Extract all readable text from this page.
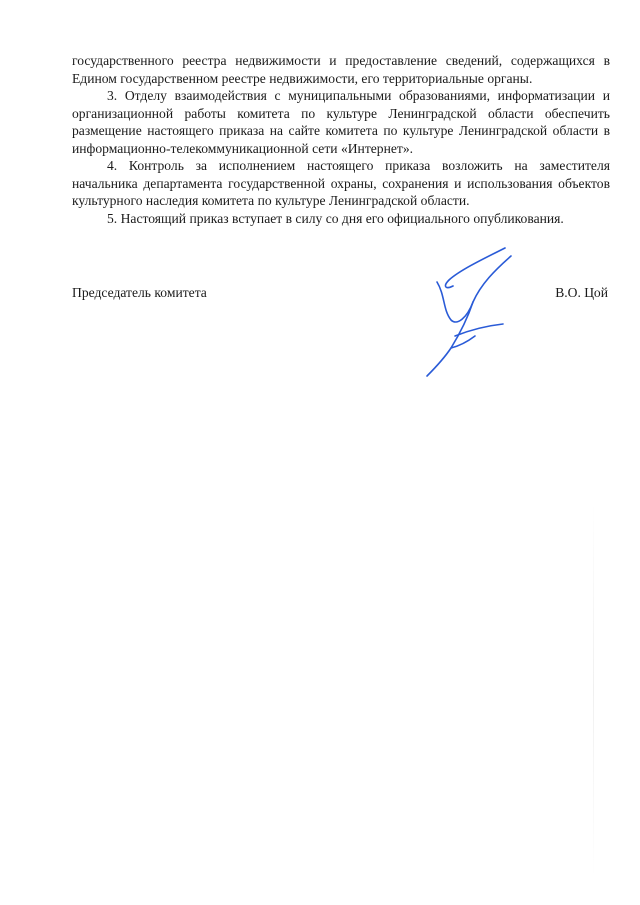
государственного реестра недвижимости и предоставление сведений, содержащихся в Едином государственном реестре недвижимости, его территориальные органы.

3. Отделу взаимодействия с муниципальными образованиями, информатизации и организационной работы комитета по культуре Ленинградской области обеспечить размещение настоящего приказа на сайте комитета по культуре Ленинградской области в информационно-телекоммуникационной сети «Интернет».

4. Контроль за исполнением настоящего приказа возложить на заместителя начальника департамента государственной охраны, сохранения и использования объектов культурного наследия комитета по культуре Ленинградской области.

5. Настоящий приказ вступает в силу со дня его официального опубликования.

Председатель комитета	В.О. Цой
